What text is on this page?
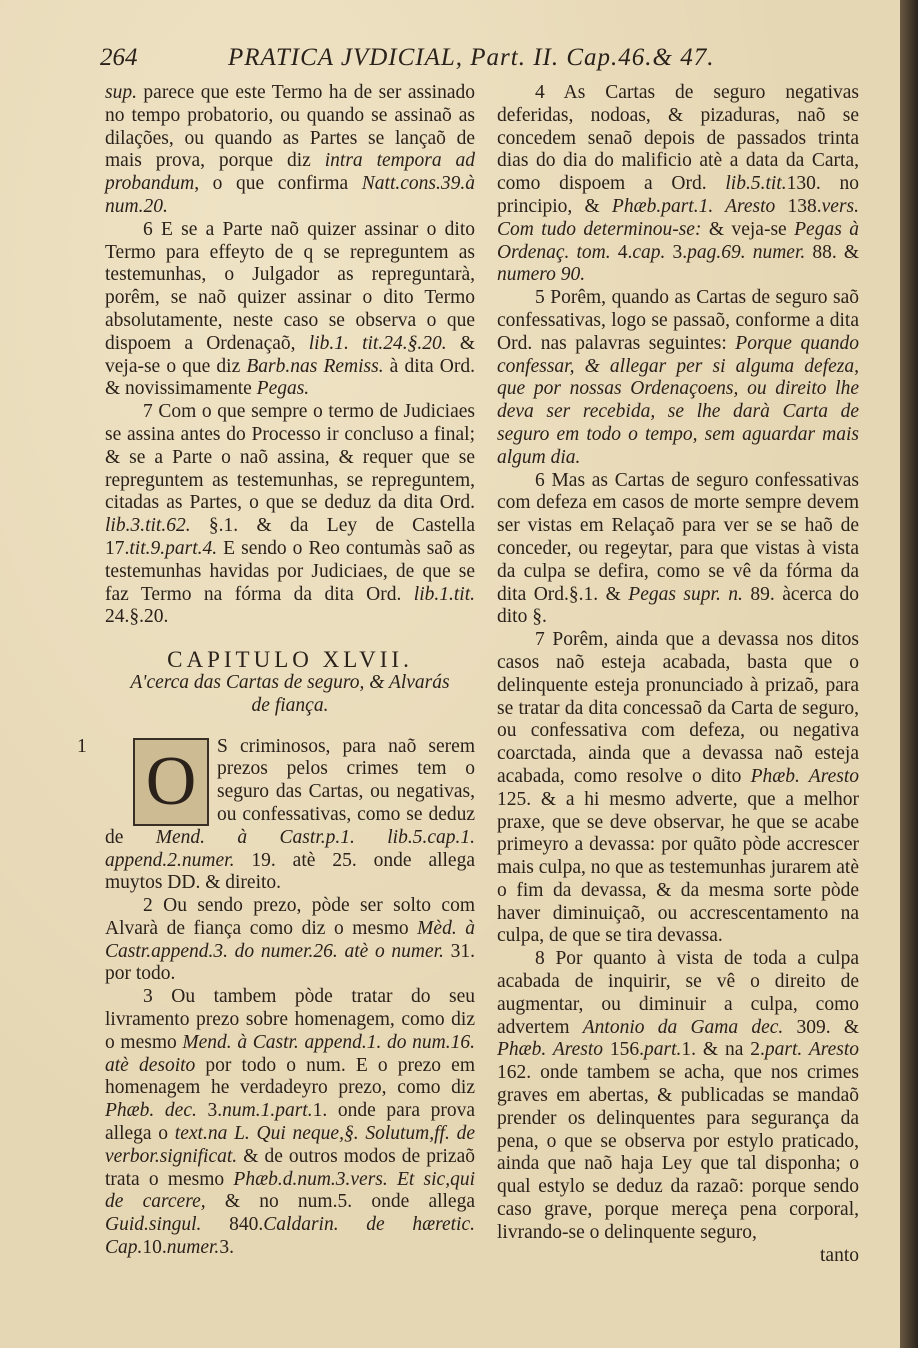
264	PRATICA JVDICIAL, Part. II. Cap.46.& 47.

sup. parece que este Termo ha de ser assinado no tempo probatorio, ou quando se assinaõ as dilações, ou quando as Partes se lançaõ de mais prova, porque diz intra tempora ad probandum, o que confirma Natt.cons.39.à num.20.

6 E se a Parte naõ quizer assinar o dito Termo para effeyto de q se repreguntem as testemunhas, o Julgador as repreguntarà, porêm, se naõ quizer assinar o dito Termo absolutamente, neste caso se observa o que dispoem a Ordenaçaõ, lib.1. tit.24.§.20. & veja-se o que diz Barb.nas Remiss. à dita Ord. & novissimamente Pegas.

7 Com o que sempre o termo de Judiciaes se assina antes do Processo ir concluso a final; & se a Parte o naõ assina, & requer que se repreguntem as testemunhas, se repreguntem, citadas as Partes, o que se deduz da dita Ord. lib.3.tit.62. §.1. & da Ley de Castella 17.tit.9.part.4. E sendo o Reo contumàs saõ as testemunhas havidas por Judiciaes, de que se faz Termo na fórma da dita Ord. lib.1.tit. 24.§.20.

CAPITULO XLVII.

A'cerca das Cartas de seguro, & Alvarás

de fiança.

1 O	S criminosos, para naõ serem prezos pelos crimes tem o seguro das Cartas, ou negativas, ou confessativas, como se deduz de Mend. à Castr.p.1. lib.5.cap.1. append.2.numer. 19. atè 25. onde allega muytos DD. & direito.

2 Ou sendo prezo, pòde ser solto com Alvarà de fiança como diz o mesmo Mèd. à Castr.append.3. do numer.26. atè o numer. 31. por todo.

3 Ou tambem pòde tratar do seu livramento prezo sobre homenagem, como diz o mesmo Mend. à Castr. append.1. do num.16. atè desoito por todo o num. E o prezo em homenagem he verdadeyro prezo, como diz Phæb. dec. 3.num.1.part.1. onde para prova allega o text.na L. Qui neque,§. Solutum,ff. de verbor.significat. & de outros modos de prizaõ trata o mesmo Phæb.d.num.3.vers. Et sic,qui de carcere, & no num.5. onde allega Guid.singul. 840.Caldarin. de hæretic. Cap.10.numer.3.

4 As Cartas de seguro negativas deferidas, nodoas, & pizaduras, naõ se concedem senaõ depois de passados trinta dias do dia do malificio atè a data da Carta, como dispoem a Ord. lib.5.tit.130. no principio, & Phæb.part.1. Aresto 138.vers. Com tudo determinou-se: & veja-se Pegas à Ordenaç. tom. 4.cap. 3.pag.69. numer. 88. & numero 90.

5 Porêm, quando as Cartas de seguro saõ confessativas, logo se passaõ, conforme a dita Ord. nas palavras seguintes: Porque quando confessar, & allegar per si alguma defeza, que por nossas Ordenaçoens, ou direito lhe deva ser recebida, se lhe darà Carta de seguro em todo o tempo, sem aguardar mais algum dia.

6 Mas as Cartas de seguro confessativas com defeza em casos de morte sempre devem ser vistas em Relaçaõ para ver se se haõ de conceder, ou regeytar, para que vistas à vista da culpa se defira, como se vê da fórma da dita Ord.§.1. & Pegas supr. n. 89. àcerca do dito §.

7 Porêm, ainda que a devassa nos ditos casos naõ esteja acabada, basta que o delinquente esteja pronunciado à prizaõ, para se tratar da dita concessaõ da Carta de seguro, ou confessativa com defeza, ou negativa coarctada, ainda que a devassa naõ esteja acabada, como resolve o dito Phæb. Aresto 125. & a hi mesmo adverte, que a melhor praxe, que se deve observar, he que se acabe primeyro a devassa: por quãto pòde accrescer mais culpa, no que as testemunhas jurarem atè o fim da devassa, & da mesma sorte pòde haver diminuiçaõ, ou accrescentamento na culpa, de que se tira devassa.

8 Por quanto à vista de toda a culpa acabada de inquirir, se vê o direito de augmentar, ou diminuir a culpa, como advertem Antonio da Gama dec. 309. & Phæb. Aresto 156.part.1. & na 2.part. Aresto 162. onde tambem se acha, que nos crimes graves em abertas, & publicadas se mandaõ prender os delinquentes para segurança da pena, o que se observa por estylo praticado, ainda que naõ haja Ley que tal disponha; o qual estylo se deduz da razaõ: porque sendo caso grave, porque mereça pena corporal, livrando-se o delinquente seguro,

tanto
